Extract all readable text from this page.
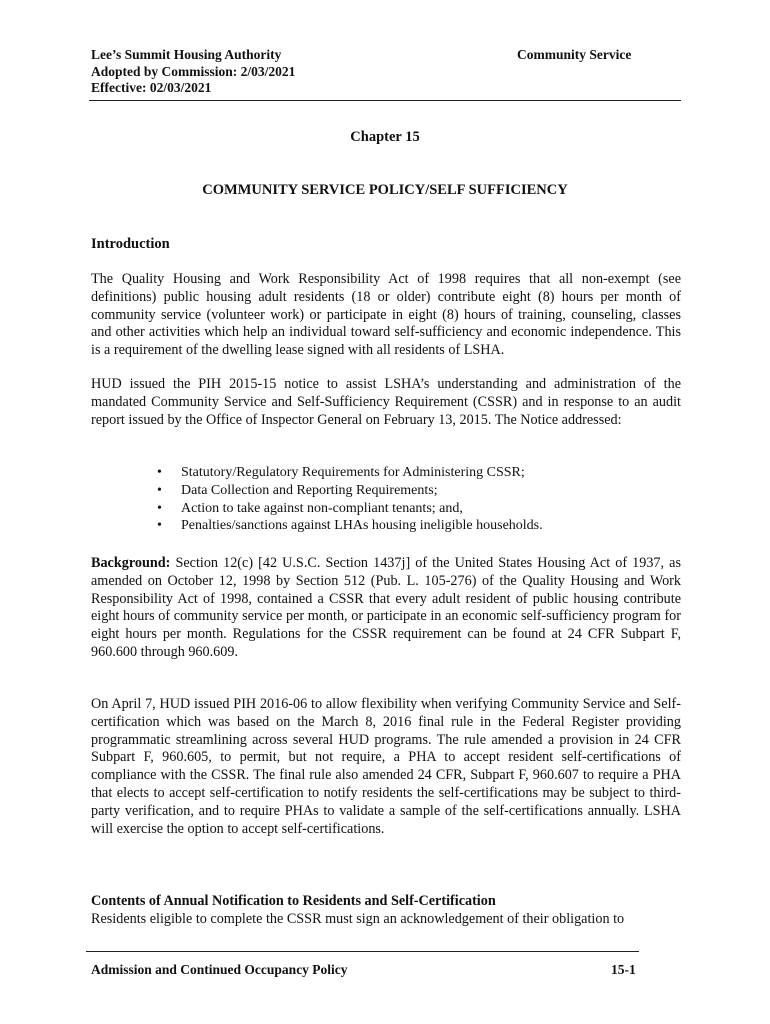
Lee’s Summit Housing Authority
Adopted by Commission: 2/03/2021
Effective: 02/03/2021
Community Service
Chapter 15
COMMUNITY SERVICE POLICY/SELF SUFFICIENCY
Introduction
The Quality Housing and Work Responsibility Act of 1998 requires that all non-exempt (see definitions) public housing adult residents (18 or older) contribute eight (8) hours per month of community service (volunteer work) or participate in eight (8) hours of training, counseling, classes and other activities which help an individual toward self-sufficiency and economic independence. This is a requirement of the dwelling lease signed with all residents of LSHA.
HUD issued the PIH 2015-15 notice to assist LSHA’s understanding and administration of the mandated Community Service and Self-Sufficiency Requirement (CSSR) and in response to an audit report issued by the Office of Inspector General on February 13, 2015. The Notice addressed:
• Statutory/Regulatory Requirements for Administering CSSR;
• Data Collection and Reporting Requirements;
• Action to take against non-compliant tenants; and,
• Penalties/sanctions against LHAs housing ineligible households.
Background: Section 12(c) [42 U.S.C. Section 1437j] of the United States Housing Act of 1937, as amended on October 12, 1998 by Section 512 (Pub. L. 105-276) of the Quality Housing and Work Responsibility Act of 1998, contained a CSSR that every adult resident of public housing contribute eight hours of community service per month, or participate in an economic self-sufficiency program for eight hours per month. Regulations for the CSSR requirement can be found at 24 CFR Subpart F, 960.600 through 960.609.
On April 7, HUD issued PIH 2016-06 to allow flexibility when verifying Community Service and Self-certification which was based on the March 8, 2016 final rule in the Federal Register providing programmatic streamlining across several HUD programs. The rule amended a provision in 24 CFR Subpart F, 960.605, to permit, but not require, a PHA to accept resident self-certifications of compliance with the CSSR. The final rule also amended 24 CFR, Subpart F, 960.607 to require a PHA that elects to accept self-certification to notify residents the self-certifications may be subject to third-party verification, and to require PHAs to validate a sample of the self-certifications annually. LSHA will exercise the option to accept self-certifications.
Contents of Annual Notification to Residents and Self-Certification
Residents eligible to complete the CSSR must sign an acknowledgement of their obligation to
Admission and Continued Occupancy Policy	15-1
